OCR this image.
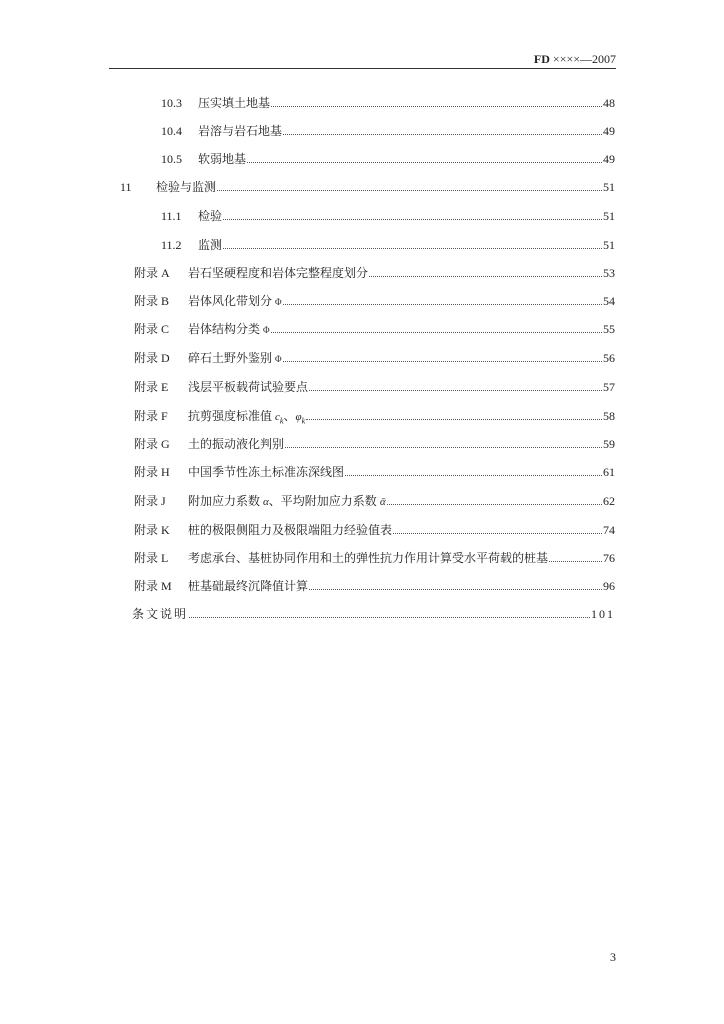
FD ××××—2007
10.3	压实填土地基	48
10.4	岩溶与岩石地基	49
10.5	软弱地基	49
11	检验与监测	51
11.1	检验	51
11.2	监测	51
附录 A	岩石坚硬程度和岩体完整程度划分	53
附录 B	岩体风化带划分 Φ	54
附录 C	岩体结构分类 Φ	55
附录 D	碎石土野外鉴别 Φ	56
附录 E	浅层平板载荷试验要点	57
附录 F	抗剪强度标准值 $c_k$、$\varphi_k$	58
附录 G	土的振动液化判别	59
附录 H	中国季节性冻土标准冻深线图	61
附录 J	附加应力系数 α、平均附加应力系数 ᾱ	62
附录 K	桩的极限侧阻力及极限端阻力经验值表	74
附录 L	考虑承台、基桩协同作用和土的弹性抗力作用计算受水平荷载的桩基	76
附录 M	桩基础最终沉降值计算	96
条文说明	101
3
